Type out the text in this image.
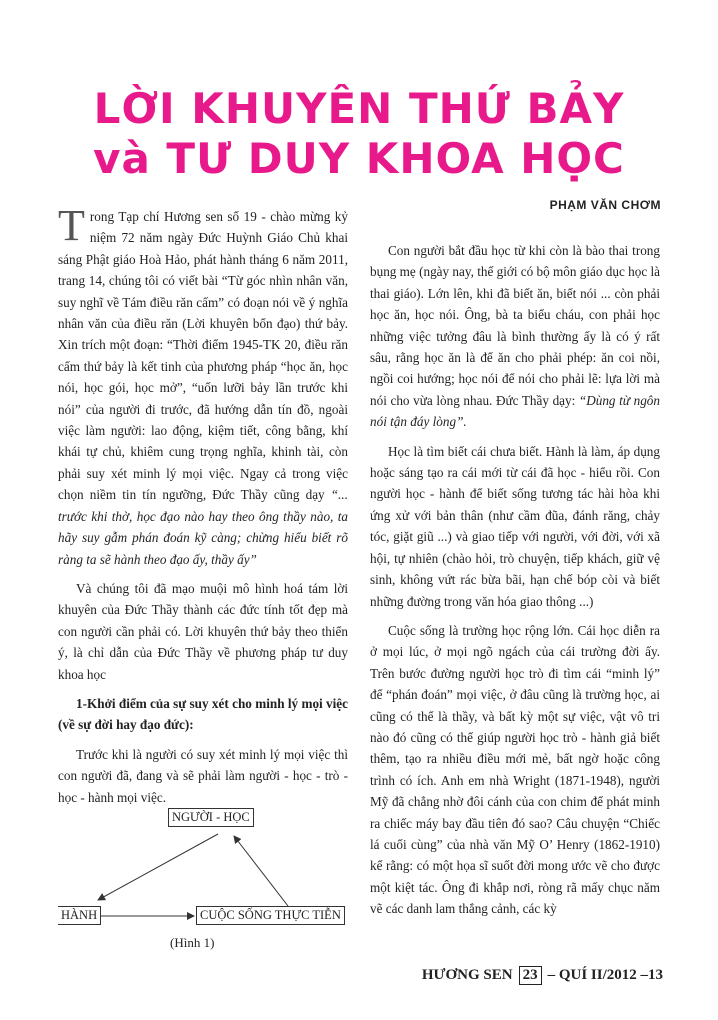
LỜI KHUYÊN THỨ BẢY
và TƯ DUY KHOA HỌC
PHẠM VĂN CHƠM

Trong Tạp chí Hương sen số 19 - chào mừng kỷ niệm 72 năm ngày Đức Huỳnh Giáo Chủ khai sáng Phật giáo Hoà Hảo, phát hành tháng 6 năm 2011, trang 14, chúng tôi có viết bài “Từ góc nhìn nhân văn, suy nghĩ về Tám điều răn cấm” có đoạn nói về ý nghĩa nhân văn của điều răn (Lời khuyên bổn đạo) thứ bảy. Xin trích một đoạn: “Thời điểm 1945-TK 20, điều răn cấm thứ bảy là kết tinh của phương pháp “học ăn, học nói, học gói, học mở”, “uốn lưỡi bảy lần trước khi nói” của người đi trước, đã hướng dẫn tín đồ, ngoài việc làm người: lao động, kiệm tiết, công bằng, khí khái tự chủ, khiêm cung trọng nghĩa, khinh tài, còn phải suy xét minh lý mọi việc. Ngay cả trong việc chọn niềm tin tín ngưỡng, Đức Thầy cũng dạy “... trước khi thờ, học đạo nào hay theo ông thầy nào, ta hãy suy gẫm phán đoán kỹ càng; chừng hiểu biết rõ ràng ta sẽ hành theo đạo ấy, thầy ấy”

Và chúng tôi đã mạo muội mô hình hoá tám lời khuyên của Đức Thầy thành các đức tính tốt đẹp mà con người cần phải có. Lời khuyên thứ bảy theo thiển ý, là chỉ dẫn của Đức Thầy về phương pháp tư duy khoa học

1-Khởi điểm của sự suy xét cho minh lý mọi việc (về sự đời hay đạo đức):

Trước khi là người có suy xét minh lý mọi việc thì con người đã, đang và sẽ phải làm người - học - trò - học - hành mọi việc.

NGƯỜI - HỌC
HÀNH	CUỘC SỐNG THỰC TIỄN
(Hình 1)

Con người bắt đầu học từ khi còn là bào thai trong bụng mẹ (ngày nay, thế giới có bộ môn giáo dục học là thai giáo). Lớn lên, khi đã biết ăn, biết nói ... còn phải học ăn, học nói. Ông, bà ta biểu cháu, con phải học những việc tưởng đâu là bình thường ấy là có ý rất sâu, rằng học ăn là để ăn cho phải phép: ăn coi nồi, ngồi coi hướng; học nói để nói cho phải lẽ: lựa lời mà nói cho vừa lòng nhau. Đức Thầy dạy: “Dùng từ ngôn nói tận đáy lòng”.

Học là tìm biết cái chưa biết. Hành là làm, áp dụng hoặc sáng tạo ra cái mới từ cái đã học - hiểu rồi. Con người học - hành để biết sống tương tác hài hòa khi ứng xử với bản thân (như cầm đũa, đánh răng, chảy tóc, giặt giũ ...) và giao tiếp với người, với đời, với xã hội, tự nhiên (chào hỏi, trò chuyện, tiếp khách, giữ vệ sinh, không vứt rác bừa bãi, hạn chế bóp còi và biết những đường trong văn hóa giao thông ...)

Cuộc sống là trường học rộng lớn. Cái học diễn ra ở mọi lúc, ở mọi ngõ ngách của cái trường đời ấy. Trên bước đường người học trò đi tìm cái “minh lý” để “phán đoán” mọi việc, ở đâu cũng là trường học, ai cũng có thể là thầy, và bất kỳ một sự việc, vật vô tri nào đó cũng có thể giúp người học trò - hành giả biết thêm, tạo ra nhiều điều mới mẻ, bất ngờ hoặc công trình có ích. Anh em nhà Wright (1871-1948), người Mỹ đã chẳng nhờ đôi cánh của con chim để phát minh ra chiếc máy bay đầu tiên đó sao? Câu chuyện “Chiếc lá cuối cùng” của nhà văn Mỹ O’ Henry (1862-1910) kể rằng: có một họa sĩ suốt đời mong ước vẽ cho được một kiệt tác. Ông đi khắp nơi, ròng rã mấy chục năm vẽ các danh lam thắng cảnh, các kỳ

HƯƠNG SEN 23 – QUÍ II/2012 –13
